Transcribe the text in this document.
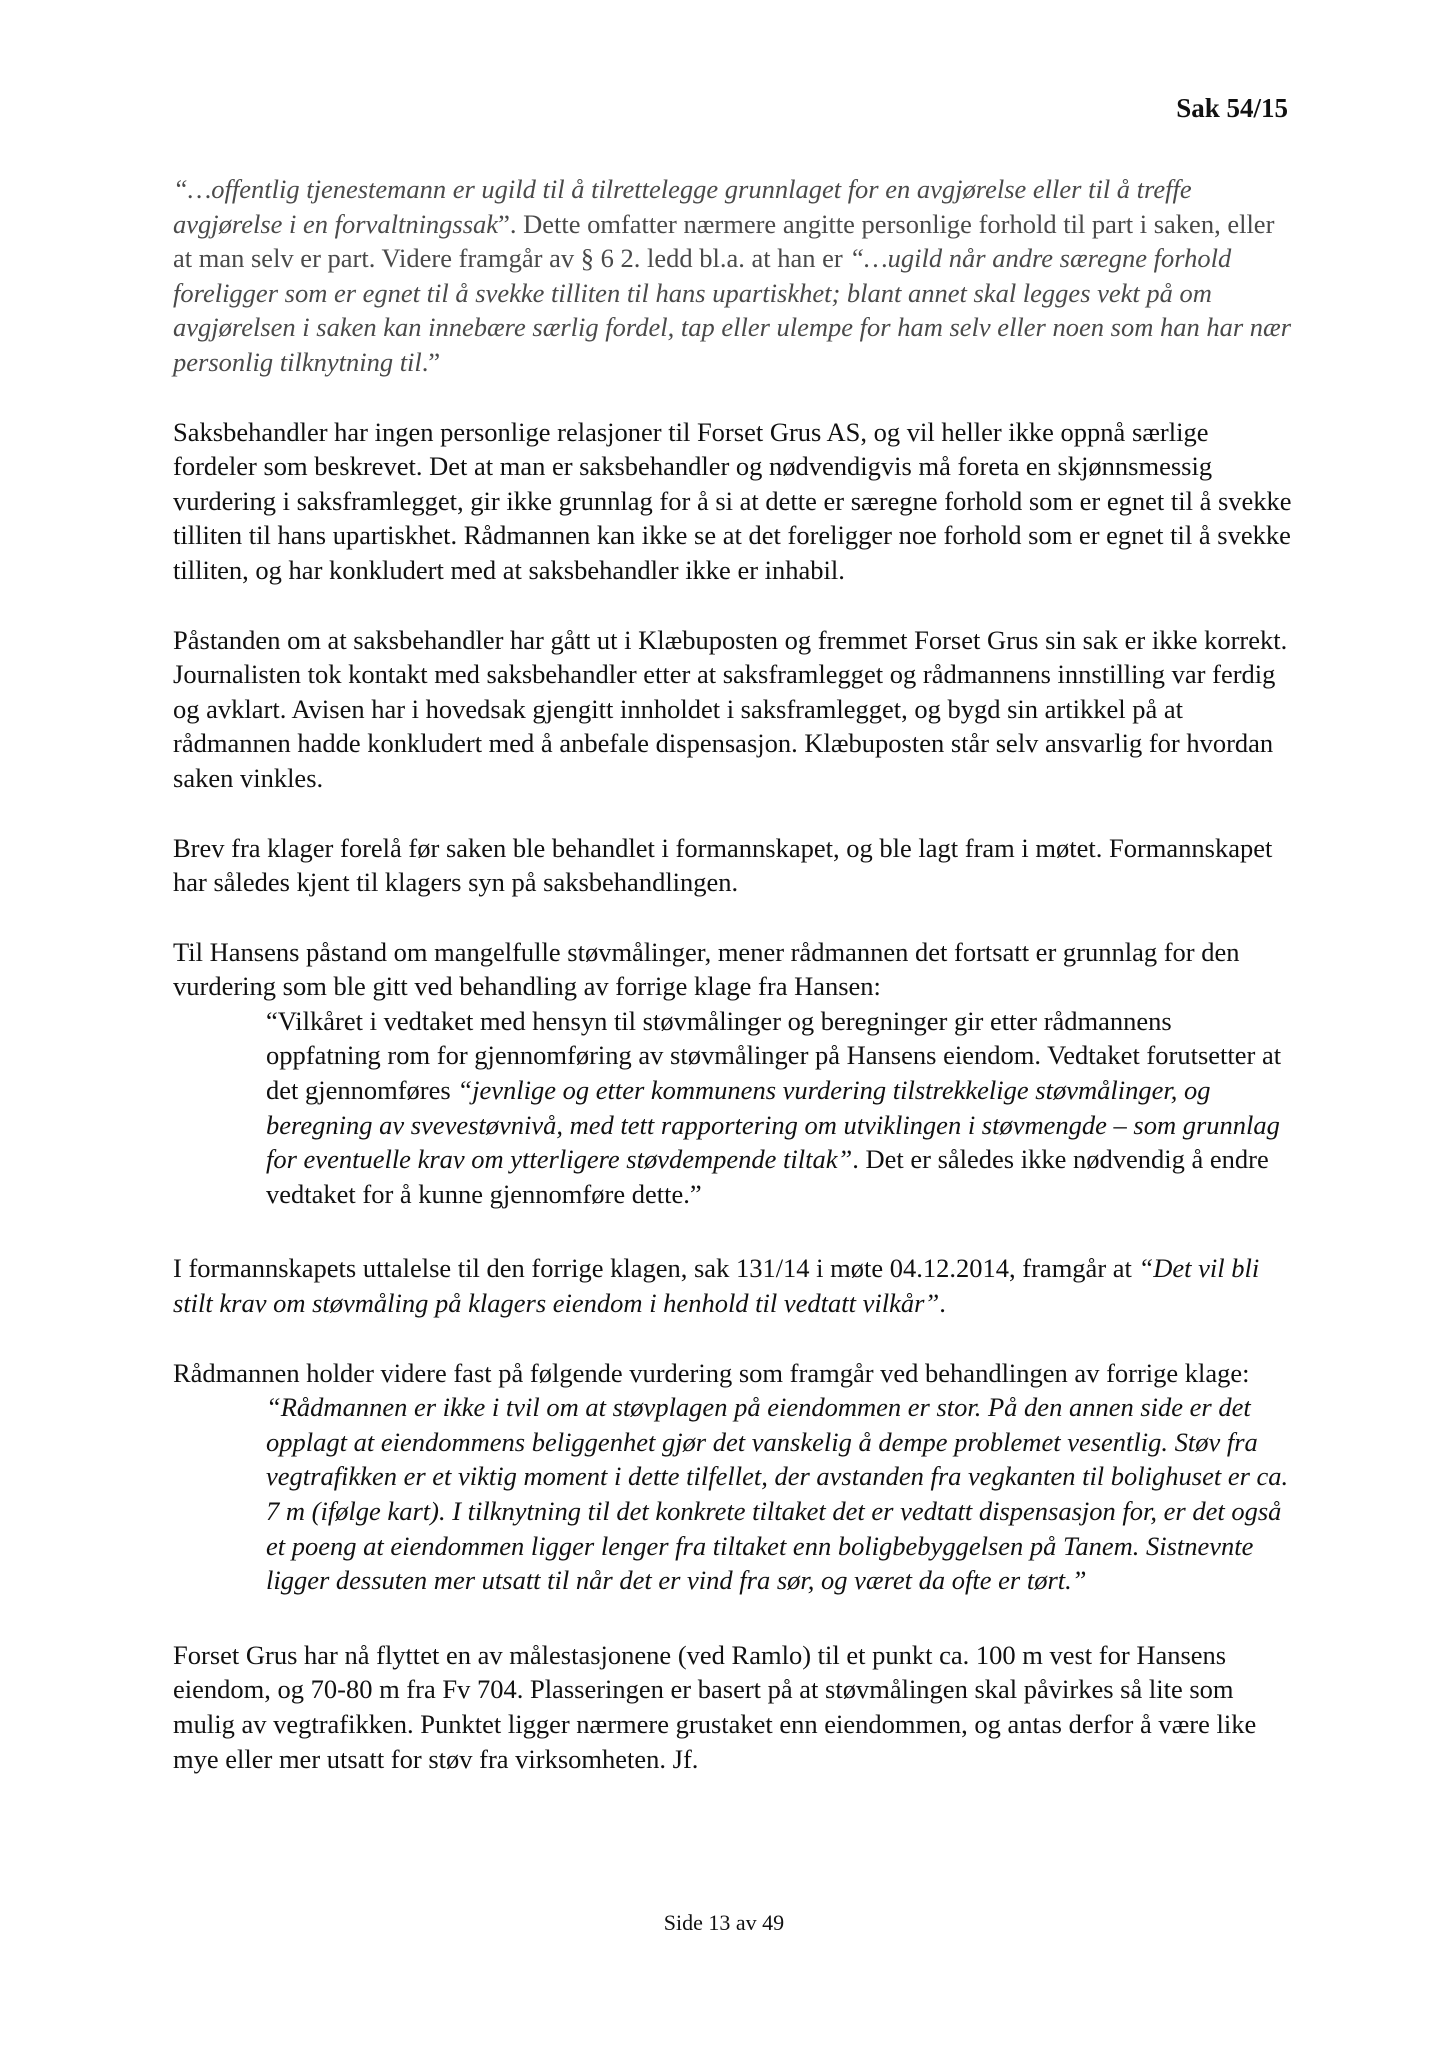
Sak 54/15

“…offentlig tjenestemann er ugild til å tilrettelegge grunnlaget for en avgjørelse eller til å treffe avgjørelse i en forvaltningssak”. Dette omfatter nærmere angitte personlige forhold til part i saken, eller at man selv er part. Videre framgår av § 6 2. ledd bl.a. at han er “…ugild når andre særegne forhold foreligger som er egnet til å svekke tilliten til hans upartiskhet; blant annet skal legges vekt på om avgjørelsen i saken kan innebære særlig fordel, tap eller ulempe for ham selv eller noen som han har nær personlig tilknytning til.”

Saksbehandler har ingen personlige relasjoner til Forset Grus AS, og vil heller ikke oppnå særlige fordeler som beskrevet. Det at man er saksbehandler og nødvendigvis må foreta en skjønnsmessig vurdering i saksframlegget, gir ikke grunnlag for å si at dette er særegne forhold som er egnet til å svekke tilliten til hans upartiskhet. Rådmannen kan ikke se at det foreligger noe forhold som er egnet til å svekke tilliten, og har konkludert med at saksbehandler ikke er inhabil.

Påstanden om at saksbehandler har gått ut i Klæbuposten og fremmet Forset Grus sin sak er ikke korrekt. Journalisten tok kontakt med saksbehandler etter at saksframlegget og rådmannens innstilling var ferdig og avklart. Avisen har i hovedsak gjengitt innholdet i saksframlegget, og bygd sin artikkel på at rådmannen hadde konkludert med å anbefale dispensasjon. Klæbuposten står selv ansvarlig for hvordan saken vinkles.

Brev fra klager forelå før saken ble behandlet i formannskapet, og ble lagt fram i møtet. Formannskapet har således kjent til klagers syn på saksbehandlingen.

Til Hansens påstand om mangelfulle støvmålinger, mener rådmannen det fortsatt er grunnlag for den vurdering som ble gitt ved behandling av forrige klage fra Hansen:
“Vilkåret i vedtaket med hensyn til støvmålinger og beregninger gir etter rådmannens oppfatning rom for gjennomføring av støvmålinger på Hansens eiendom. Vedtaket forutsetter at det gjennomføres “jevnlige og etter kommunens vurdering tilstrekkelige støvmålinger, og beregning av svevestøvnivå, med tett rapportering om utviklingen i støvmengde – som grunnlag for eventuelle krav om ytterligere støvdempende tiltak”. Det er således ikke nødvendig å endre vedtaket for å kunne gjennomføre dette.”

I formannskapets uttalelse til den forrige klagen, sak 131/14 i møte 04.12.2014, framgår at “Det vil bli stilt krav om støvmåling på klagers eiendom i henhold til vedtatt vilkår”.

Rådmannen holder videre fast på følgende vurdering som framgår ved behandlingen av forrige klage:
“Rådmannen er ikke i tvil om at støvplagen på eiendommen er stor. På den annen side er det opplagt at eiendommens beliggenhet gjør det vanskelig å dempe problemet vesentlig. Støv fra vegtrafikken er et viktig moment i dette tilfellet, der avstanden fra vegkanten til bolighuset er ca. 7 m (ifølge kart). I tilknytning til det konkrete tiltaket det er vedtatt dispensasjon for, er det også et poeng at eiendommen ligger lenger fra tiltaket enn boligbebyggelsen på Tanem. Sistnevnte ligger dessuten mer utsatt til når det er vind fra sør, og været da ofte er tørt.”

Forset Grus har nå flyttet en av målestasjonene (ved Ramlo) til et punkt ca. 100 m vest for Hansens eiendom, og 70-80 m fra Fv 704. Plasseringen er basert på at støvmålingen skal påvirkes så lite som mulig av vegtrafikken. Punktet ligger nærmere grustaket enn eiendommen, og antas derfor å være like mye eller mer utsatt for støv fra virksomheten. Jf.

Side 13 av 49
